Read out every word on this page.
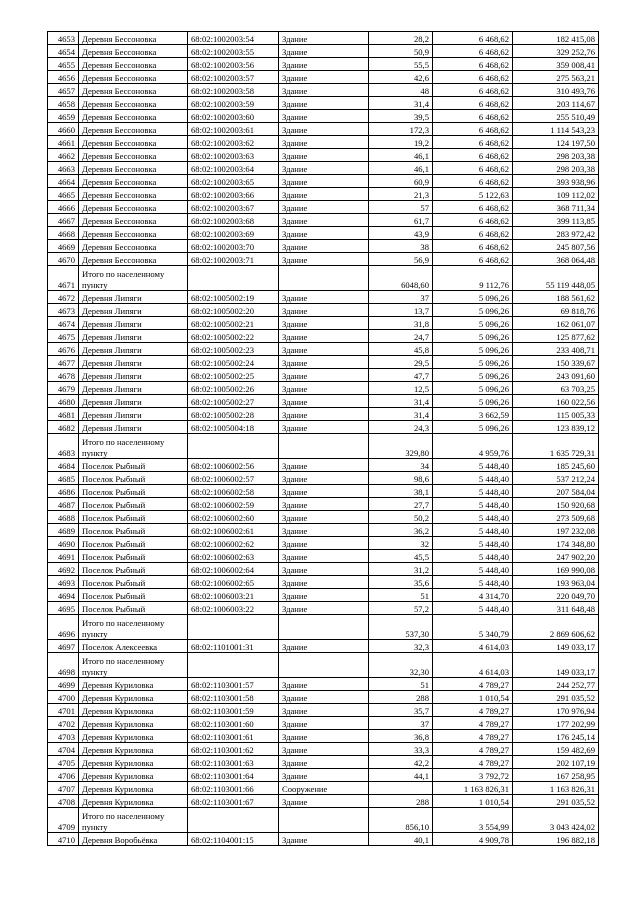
4653	Деревня Бессоновка	68:02:1002003:54	Здание	28,2	6 468,62	182 415,08
4654	Деревня Бессоновка	68:02:1002003:55	Здание	50,9	6 468,62	329 252,76
4655	Деревня Бессоновка	68:02:1002003:56	Здание	55,5	6 468,62	359 008,41
4656	Деревня Бессоновка	68:02:1002003:57	Здание	42,6	6 468,62	275 563,21
4657	Деревня Бессоновка	68:02:1002003:58	Здание	48	6 468,62	310 493,76
4658	Деревня Бессоновка	68:02:1002003:59	Здание	31,4	6 468,62	203 114,67
4659	Деревня Бессоновка	68:02:1002003:60	Здание	39,5	6 468,62	255 510,49
4660	Деревня Бессоновка	68:02:1002003:61	Здание	172,3	6 468,62	1 114 543,23
4661	Деревня Бессоновка	68:02:1002003:62	Здание	19,2	6 468,62	124 197,50
4662	Деревня Бессоновка	68:02:1002003:63	Здание	46,1	6 468,62	298 203,38
4663	Деревня Бессоновка	68:02:1002003:64	Здание	46,1	6 468,62	298 203,38
4664	Деревня Бессоновка	68:02:1002003:65	Здание	60,9	6 468,62	393 938,96
4665	Деревня Бессоновка	68:02:1002003:66	Здание	21,3	5 122,63	109 112,02
4666	Деревня Бессоновка	68:02:1002003:67	Здание	57	6 468,62	368 711,34
4667	Деревня Бессоновка	68:02:1002003:68	Здание	61,7	6 468,62	399 113,85
4668	Деревня Бессоновка	68:02:1002003:69	Здание	43,9	6 468,62	283 972,42
4669	Деревня Бессоновка	68:02:1002003:70	Здание	38	6 468,62	245 807,56
4670	Деревня Бессоновка	68:02:1002003:71	Здание	56,9	6 468,62	368 064,48
4671	Итого по населенному пункту			6048,60	9 112,76	55 119 448,05
4672	Деревня Липяги	68:02:1005002:19	Здание	37	5 096,26	188 561,62
4673	Деревня Липяги	68:02:1005002:20	Здание	13,7	5 096,26	69 818,76
4674	Деревня Липяги	68:02:1005002:21	Здание	31,8	5 096,26	162 061,07
4675	Деревня Липяги	68:02:1005002:22	Здание	24,7	5 096,26	125 877,62
4676	Деревня Липяги	68:02:1005002:23	Здание	45,8	5 096,26	233 408,71
4677	Деревня Липяги	68:02:1005002:24	Здание	29,5	5 096,26	150 339,67
4678	Деревня Липяги	68:02:1005002:25	Здание	47,7	5 096,26	243 091,60
4679	Деревня Липяги	68:02:1005002:26	Здание	12,5	5 096,26	63 703,25
4680	Деревня Липяги	68:02:1005002:27	Здание	31,4	5 096,26	160 022,56
4681	Деревня Липяги	68:02:1005002:28	Здание	31,4	3 662,59	115 005,33
4682	Деревня Липяги	68:02:1005004:18	Здание	24,3	5 096,26	123 839,12
4683	Итого по населенному пункту			329,80	4 959,76	1 635 729,31
4684	Поселок Рыбный	68:02:1006002:56	Здание	34	5 448,40	185 245,60
4685	Поселок Рыбный	68:02:1006002:57	Здание	98,6	5 448,40	537 212,24
4686	Поселок Рыбный	68:02:1006002:58	Здание	38,1	5 448,40	207 584,04
4687	Поселок Рыбный	68:02:1006002:59	Здание	27,7	5 448,40	150 920,68
4688	Поселок Рыбный	68:02:1006002:60	Здание	50,2	5 448,40	273 509,68
4689	Поселок Рыбный	68:02:1006002:61	Здание	36,2	5 448,40	197 232,08
4690	Поселок Рыбный	68:02:1006002:62	Здание	32	5 448,40	174 348,80
4691	Поселок Рыбный	68:02:1006002:63	Здание	45,5	5 448,40	247 902,20
4692	Поселок Рыбный	68:02:1006002:64	Здание	31,2	5 448,40	169 990,08
4693	Поселок Рыбный	68:02:1006002:65	Здание	35,6	5 448,40	193 963,04
4694	Поселок Рыбный	68:02:1006003:21	Здание	51	4 314,70	220 049,70
4695	Поселок Рыбный	68:02:1006003:22	Здание	57,2	5 448,40	311 648,48
4696	Итого по населенному пункту			537,30	5 340,79	2 869 606,62
4697	Поселок Алексеевка	68:02:1101001:31	Здание	32,3	4 614,03	149 033,17
4698	Итого по населенному пункту			32,30	4 614,03	149 033,17
4699	Деревня Куриловка	68:02:1103001:57	Здание	51	4 789,27	244 252,77
4700	Деревня Куриловка	68:02:1103001:58	Здание	288	1 010,54	291 035,52
4701	Деревня Куриловка	68:02:1103001:59	Здание	35,7	4 789,27	170 976,94
4702	Деревня Куриловка	68:02:1103001:60	Здание	37	4 789,27	177 202,99
4703	Деревня Куриловка	68:02:1103001:61	Здание	36,8	4 789,27	176 245,14
4704	Деревня Куриловка	68:02:1103001:62	Здание	33,3	4 789,27	159 482,69
4705	Деревня Куриловка	68:02:1103001:63	Здание	42,2	4 789,27	202 107,19
4706	Деревня Куриловка	68:02:1103001:64	Здание	44,1	3 792,72	167 258,95
4707	Деревня Куриловка	68:02:1103001:66	Сооружение		1 163 826,31	1 163 826,31
4708	Деревня Куриловка	68:02:1103001:67	Здание	288	1 010,54	291 035,52
4709	Итого по населенному пункту			856,10	3 554,99	3 043 424,02
4710	Деревня Воробьёвка	68:02:1104001:15	Здание	40,1	4 909,78	196 882,18
